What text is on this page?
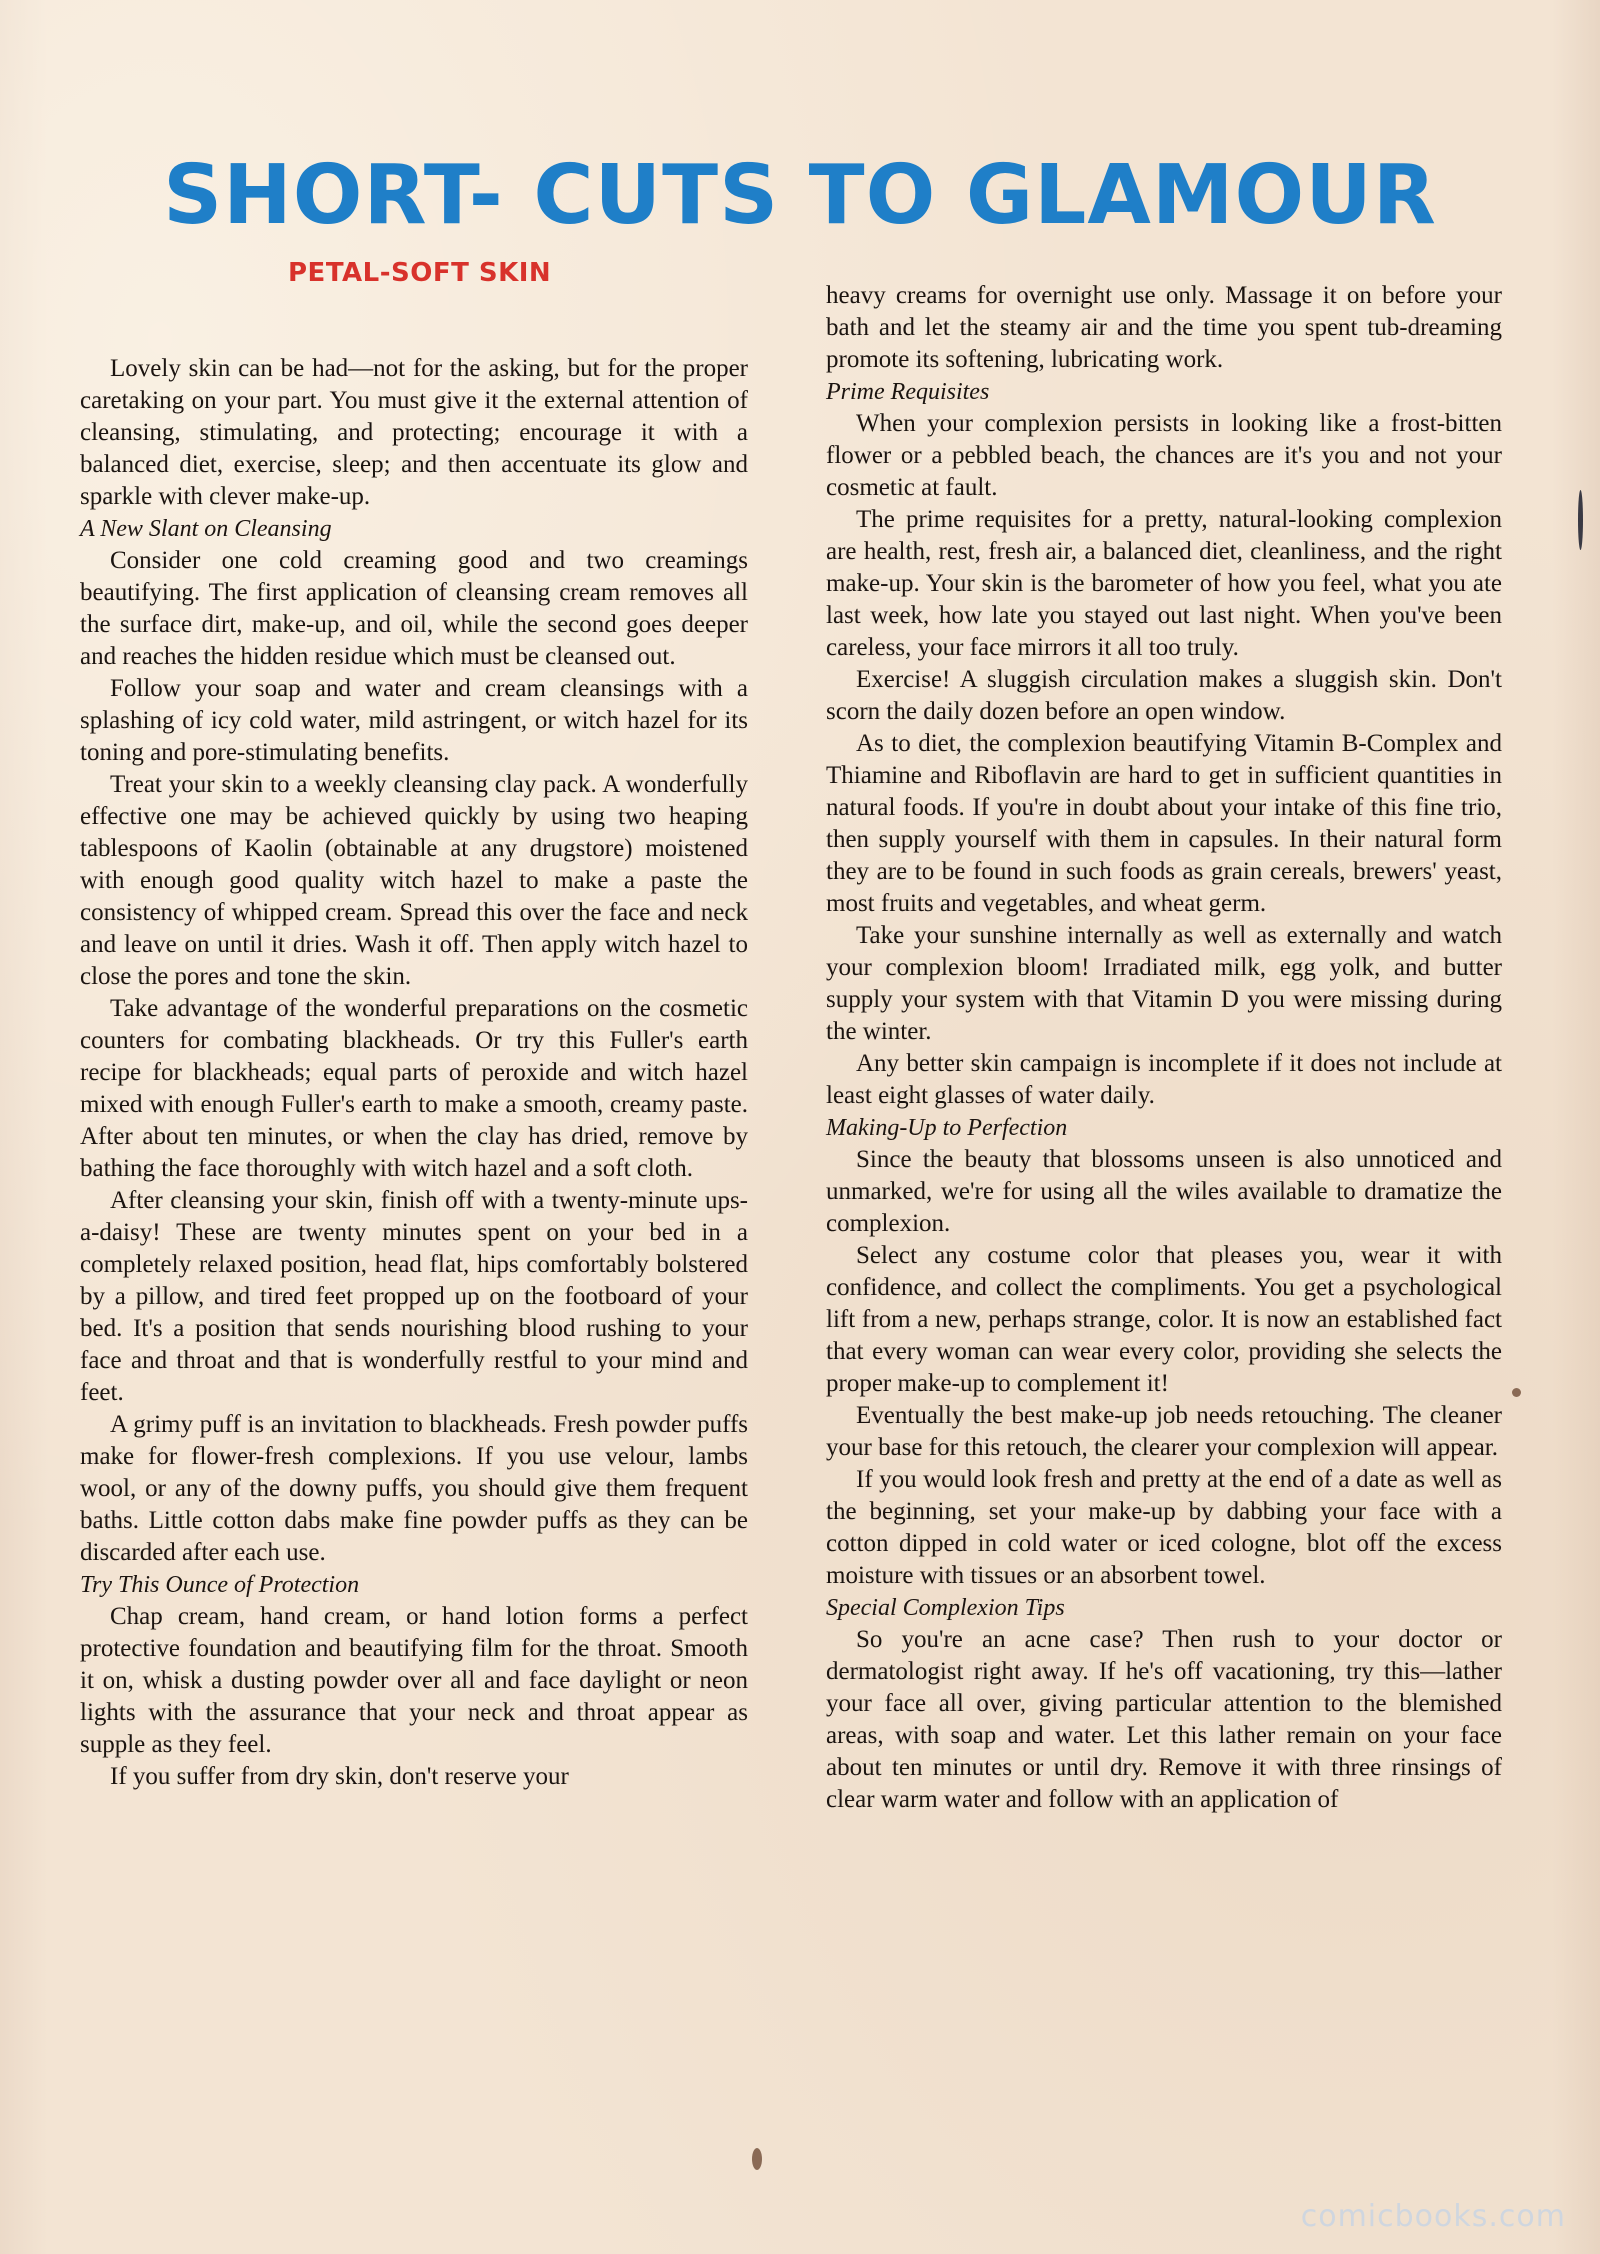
SHORT- CUTS TO GLAMOUR
PETAL-SOFT SKIN

Lovely skin can be had—not for the asking, but for the proper caretaking on your part. You must give it the external attention of cleansing, stimulating, and protecting; encourage it with a balanced diet, exercise, sleep; and then accentuate its glow and sparkle with clever make-up.

A New Slant on Cleansing

Consider one cold creaming good and two creamings beautifying. The first application of cleansing cream removes all the surface dirt, make-up, and oil, while the second goes deeper and reaches the hidden residue which must be cleansed out.

Follow your soap and water and cream cleansings with a splashing of icy cold water, mild astringent, or witch hazel for its toning and pore-stimulating benefits.

Treat your skin to a weekly cleansing clay pack. A wonderfully effective one may be achieved quickly by using two heaping tablespoons of Kaolin (obtainable at any drugstore) moistened with enough good quality witch hazel to make a paste the consistency of whipped cream. Spread this over the face and neck and leave on until it dries. Wash it off. Then apply witch hazel to close the pores and tone the skin.

Take advantage of the wonderful preparations on the cosmetic counters for combating blackheads. Or try this Fuller's earth recipe for blackheads; equal parts of peroxide and witch hazel mixed with enough Fuller's earth to make a smooth, creamy paste. After about ten minutes, or when the clay has dried, remove by bathing the face thoroughly with witch hazel and a soft cloth.

After cleansing your skin, finish off with a twenty-minute ups-a-daisy! These are twenty minutes spent on your bed in a completely relaxed position, head flat, hips comfortably bolstered by a pillow, and tired feet propped up on the footboard of your bed. It's a position that sends nourishing blood rushing to your face and throat and that is wonderfully restful to your mind and feet.

A grimy puff is an invitation to blackheads. Fresh powder puffs make for flower-fresh complexions. If you use velour, lambs wool, or any of the downy puffs, you should give them frequent baths. Little cotton dabs make fine powder puffs as they can be discarded after each use.

Try This Ounce of Protection

Chap cream, hand cream, or hand lotion forms a perfect protective foundation and beautifying film for the throat. Smooth it on, whisk a dusting powder over all and face daylight or neon lights with the assurance that your neck and throat appear as supple as they feel.

If you suffer from dry skin, don't reserve your

heavy creams for overnight use only. Massage it on before your bath and let the steamy air and the time you spent tub-dreaming promote its softening, lubricating work.

Prime Requisites

When your complexion persists in looking like a frost-bitten flower or a pebbled beach, the chances are it's you and not your cosmetic at fault.

The prime requisites for a pretty, natural-looking complexion are health, rest, fresh air, a balanced diet, cleanliness, and the right make-up. Your skin is the barometer of how you feel, what you ate last week, how late you stayed out last night. When you've been careless, your face mirrors it all too truly.

Exercise! A sluggish circulation makes a sluggish skin. Don't scorn the daily dozen before an open window.

As to diet, the complexion beautifying Vitamin B-Complex and Thiamine and Riboflavin are hard to get in sufficient quantities in natural foods. If you're in doubt about your intake of this fine trio, then supply yourself with them in capsules. In their natural form they are to be found in such foods as grain cereals, brewers' yeast, most fruits and vegetables, and wheat germ.

Take your sunshine internally as well as externally and watch your complexion bloom! Irradiated milk, egg yolk, and butter supply your system with that Vitamin D you were missing during the winter.

Any better skin campaign is incomplete if it does not include at least eight glasses of water daily.

Making-Up to Perfection

Since the beauty that blossoms unseen is also unnoticed and unmarked, we're for using all the wiles available to dramatize the complexion.

Select any costume color that pleases you, wear it with confidence, and collect the compliments. You get a psychological lift from a new, perhaps strange, color. It is now an established fact that every woman can wear every color, providing she selects the proper make-up to complement it!

Eventually the best make-up job needs retouching. The cleaner your base for this retouch, the clearer your complexion will appear.

If you would look fresh and pretty at the end of a date as well as the beginning, set your make-up by dabbing your face with a cotton dipped in cold water or iced cologne, blot off the excess moisture with tissues or an absorbent towel.

Special Complexion Tips

So you're an acne case? Then rush to your doctor or dermatologist right away. If he's off vacationing, try this—lather your face all over, giving particular attention to the blemished areas, with soap and water. Let this lather remain on your face about ten minutes or until dry. Remove it with three rinsings of clear warm water and follow with an application of

comicbooks.com
